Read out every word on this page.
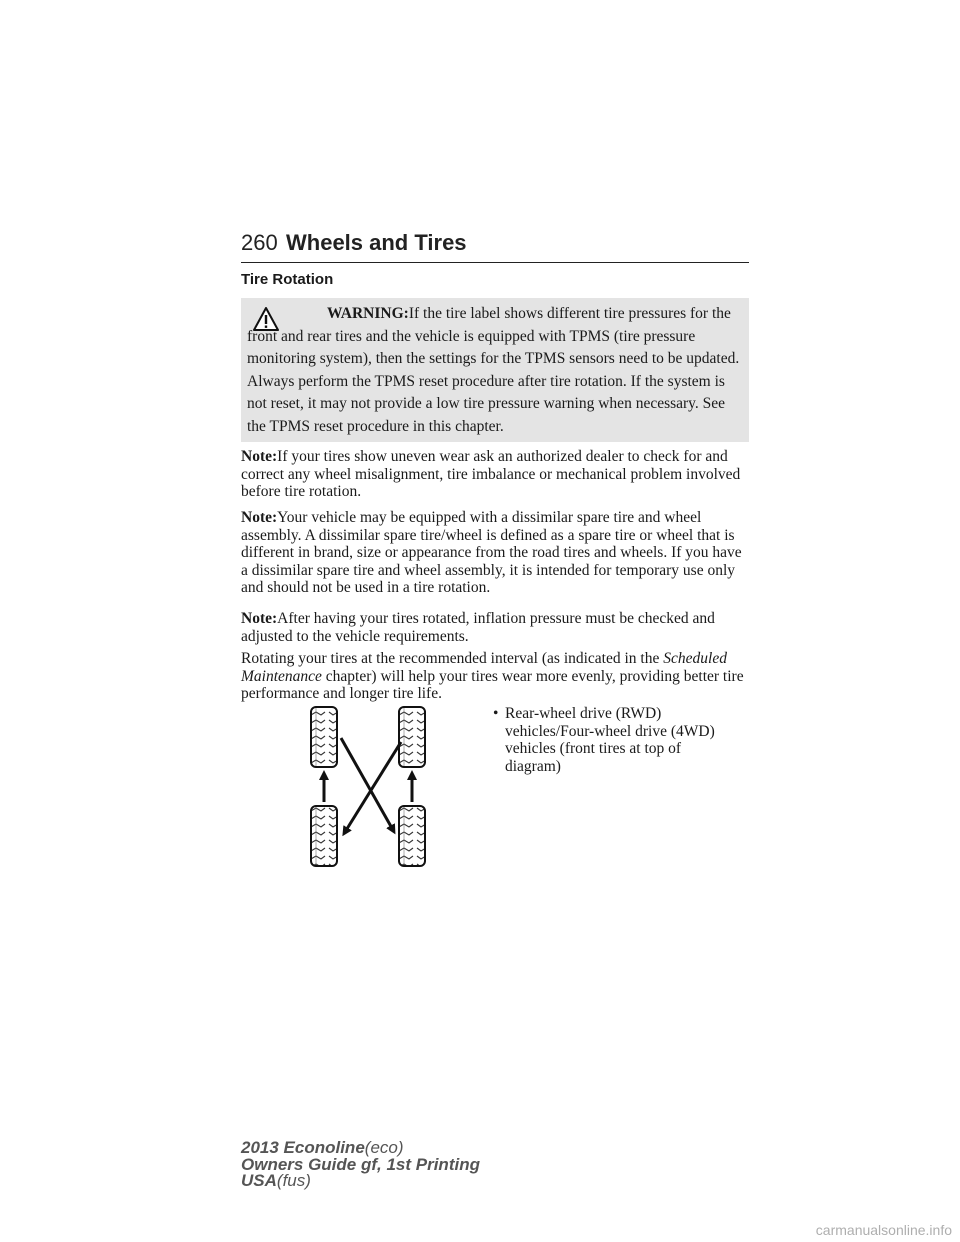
260 Wheels and Tires
Tire Rotation
WARNING:If the tire label shows different tire pressures for the front and rear tires and the vehicle is equipped with TPMS (tire pressure monitoring system), then the settings for the TPMS sensors need to be updated. Always perform the TPMS reset procedure after tire rotation. If the system is not reset, it may not provide a low tire pressure warning when necessary. See the TPMS reset procedure in this chapter.
Note:If your tires show uneven wear ask an authorized dealer to check for and correct any wheel misalignment, tire imbalance or mechanical problem involved before tire rotation.
Note:Your vehicle may be equipped with a dissimilar spare tire and wheel assembly. A dissimilar spare tire/wheel is defined as a spare tire or wheel that is different in brand, size or appearance from the road tires and wheels. If you have a dissimilar spare tire and wheel assembly, it is intended for temporary use only and should not be used in a tire rotation.
Note:After having your tires rotated, inflation pressure must be checked and adjusted to the vehicle requirements.
Rotating your tires at the recommended interval (as indicated in the Scheduled Maintenance chapter) will help your tires wear more evenly, providing better tire performance and longer tire life.
• Rear-wheel drive (RWD) vehicles/Four-wheel drive (4WD) vehicles (front tires at top of diagram)
2013 Econoline(eco)
Owners Guide gf, 1st Printing
USA(fus)
carmanualsonline.info
